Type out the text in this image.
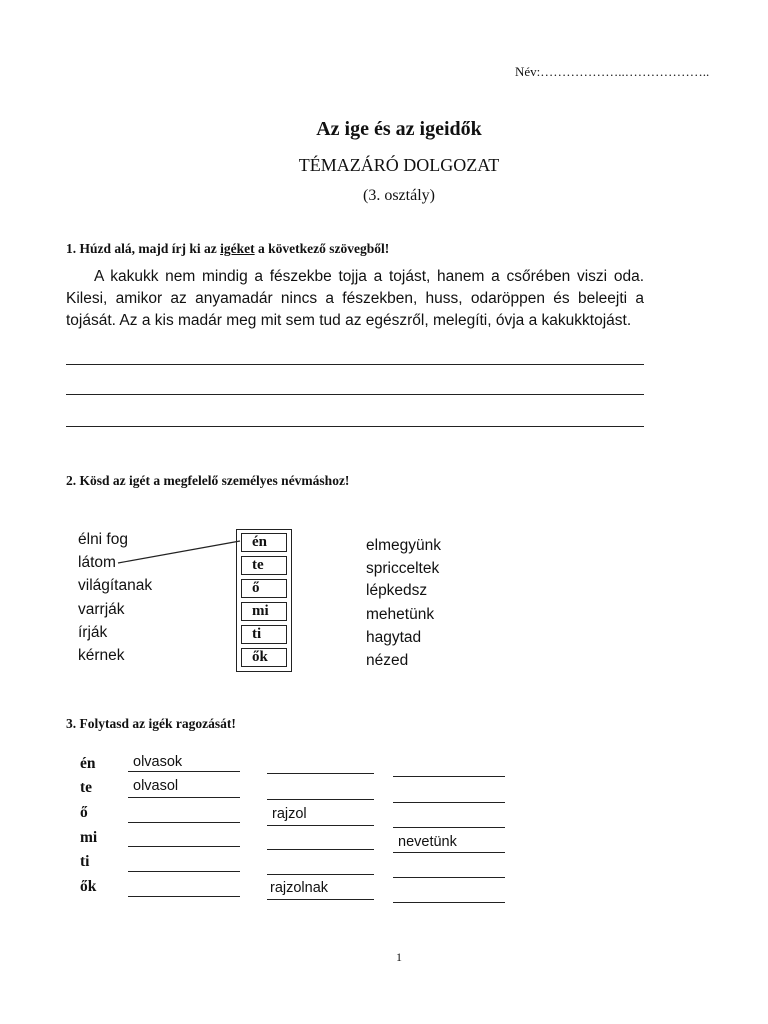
Név:………………..………………..
Az ige és az igeidők
TÉMAZÁRÓ DOLGOZAT
(3. osztály)
1. Húzd alá, majd írj ki az igéket a következő szövegből!
A kakukk nem mindig a fészekbe tojja a tojást, hanem a csőrében viszi oda. Kilesi, amikor az anyamadár nincs a fészekben, huss, odaröppen és beleejti a tojását. Az a kis madár meg mit sem tud az egészről, melegíti, óvja a kakukktojást.
2. Kösd az igét a megfelelő személyes névmáshoz!
élni fog
látom
világítanak
varrják
írják
kérnek
én
te
ő
mi
ti
ők
elmegyünk
spricceltek
lépkedsz
mehetünk
hagytad
nézed
3. Folytasd az igék ragozását!
én
te
ő
mi
ti
ők
olvasok
olvasol
rajzol
rajzolnak
nevetünk
1
